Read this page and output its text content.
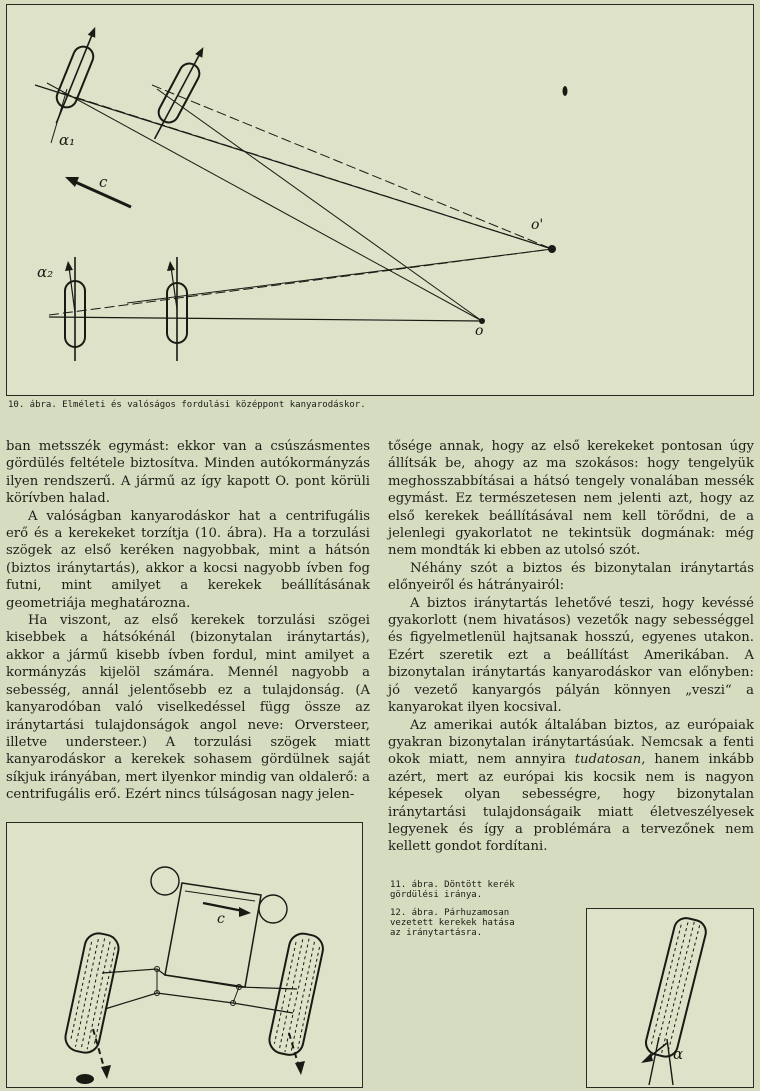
α₁
α₂
c
o'
o
10. ábra. Elméleti és valóságos fordulási középpont kanyarodáskor.

ban metsszék egymást: ekkor van a csúszásmentes gördülés feltétele biztosítva. Minden autókormányzás ilyen rendszerű. A jármű az így kapott O. pont körüli körívben halad.

A valóságban kanyarodáskor hat a centrifugális erő és a kerekeket torzítja (10. ábra). Ha a torzulási szögek az első keréken nagyobbak, mint a hátsón (biztos iránytartás), akkor a kocsi nagyobb ívben fog futni, mint amilyet a kerekek beállításának geometriája meghatározna.

Ha viszont, az első kerekek torzulási szögei kisebbek a hátsókénál (bizonytalan iránytartás), akkor a jármű kisebb ívben fordul, mint amilyet a kormányzás kijelöl számára. Mennél nagyobb a sebesség, annál jelentősebb ez a tulajdonság. (A kanyarodóban való viselkedéssel függ össze az iránytartási tulajdonságok angol neve: Orversteer, illetve understeer.) A torzulási szögek miatt kanyarodáskor a kerekek sohasem gördülnek saját síkjuk irányában, mert ilyenkor mindig van oldalerő: a centrifugális erő. Ezért nincs túlságosan nagy jelen-

tősége annak, hogy az első kerekeket pontosan úgy állítsák be, ahogy az ma szokásos: hogy tengelyük meghosszabbításai a hátsó tengely vonalában messék egymást. Ez természetesen nem jelenti azt, hogy az első kerekek beállításával nem kell törődni, de a jelenlegi gyakorlatot ne tekintsük dogmának: még nem mondták ki ebben az utolsó szót.

Néhány szót a biztos és bizonytalan iránytartás előnyeiről és hátrányairól:

A biztos iránytartás lehetővé teszi, hogy kevéssé gyakorlott (nem hivatásos) vezetők nagy sebességgel és figyelmetlenül hajtsanak hosszú, egyenes utakon. Ezért szeretik ezt a beállítást Amerikában. A bizonytalan iránytartás kanyarodáskor van előnyben: jó vezető kanyargós pályán könnyen „veszi“ a kanyarokat ilyen kocsival.

Az amerikai autók általában biztos, az európaiak gyakran bizonytalan iránytartásúak. Nemcsak a fenti okok miatt, nem annyira tudatosan, hanem inkább azért, mert az európai kis kocsik nem is nagyon képesek olyan sebességre, hogy bizonytalan iránytartási tulajdonságaik miatt életveszélyesek legyenek és így a problémára a tervezőnek nem kellett gondot fordítani.

c
11. ábra. Döntött kerék gördülési iránya.
12. ábra. Párhuzamosan vezetett kerekek hatása az iránytartásra.
α
